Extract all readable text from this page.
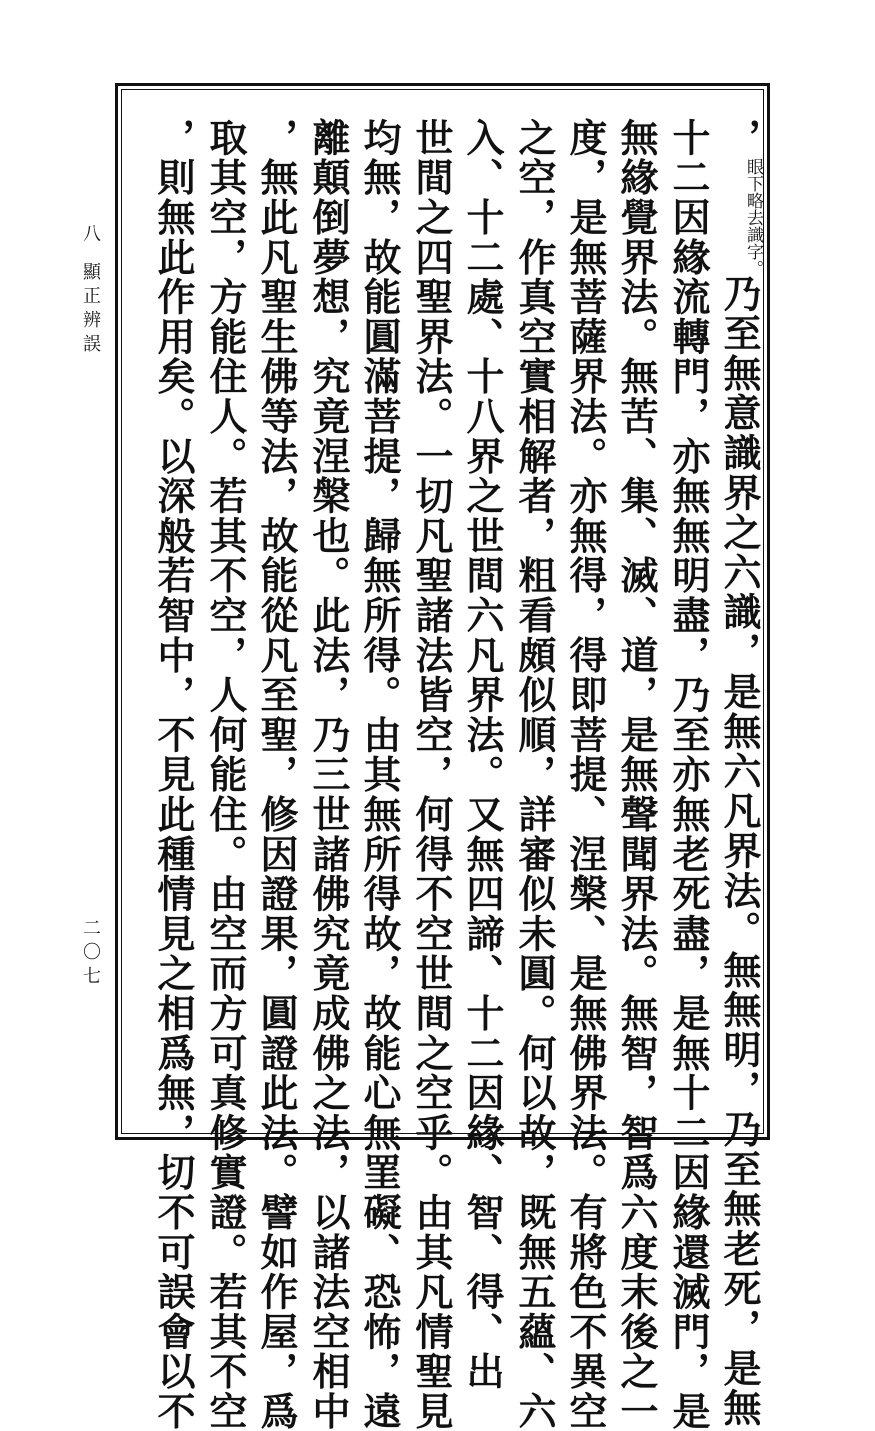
八
顯正辨誤
二〇七
，眼下略去識字。乃至無意識界之六識，是無六凡界法。無無明，乃至無老死，是無
十二因緣流轉門，亦無無明盡，乃至亦無老死盡，是無十二因緣還滅門，是
無緣覺界法。無苦、集、滅、道，是無聲聞界法。無智，智爲六度末後之一
度，是無菩薩界法。亦無得，得即菩提、涅槃、是無佛界法。有將色不異空
之空，作真空實相解者，粗看頗似順，詳審似未圓。何以故，既無五蘊、六
入、十二處、十八界之世間六凡界法。又無四諦、十二因緣、智、得、出
世間之四聖界法。一切凡聖諸法皆空，何得不空世間之空乎。由其凡情聖見
均無，故能圓滿菩提，歸無所得。由其無所得故，故能心無罣礙、恐怖，遠
離顛倒夢想，究竟涅槃也。此法，乃三世諸佛究竟成佛之法，以諸法空相中
，無此凡聖生佛等法，故能從凡至聖，修因證果，圓證此法。譬如作屋，爲
取其空，方能住人。若其不空，人何能住。由空而方可真修實證。若其不空
，則無此作用矣。以深般若智中，不見此種情見之相爲無，切不可誤會以不
